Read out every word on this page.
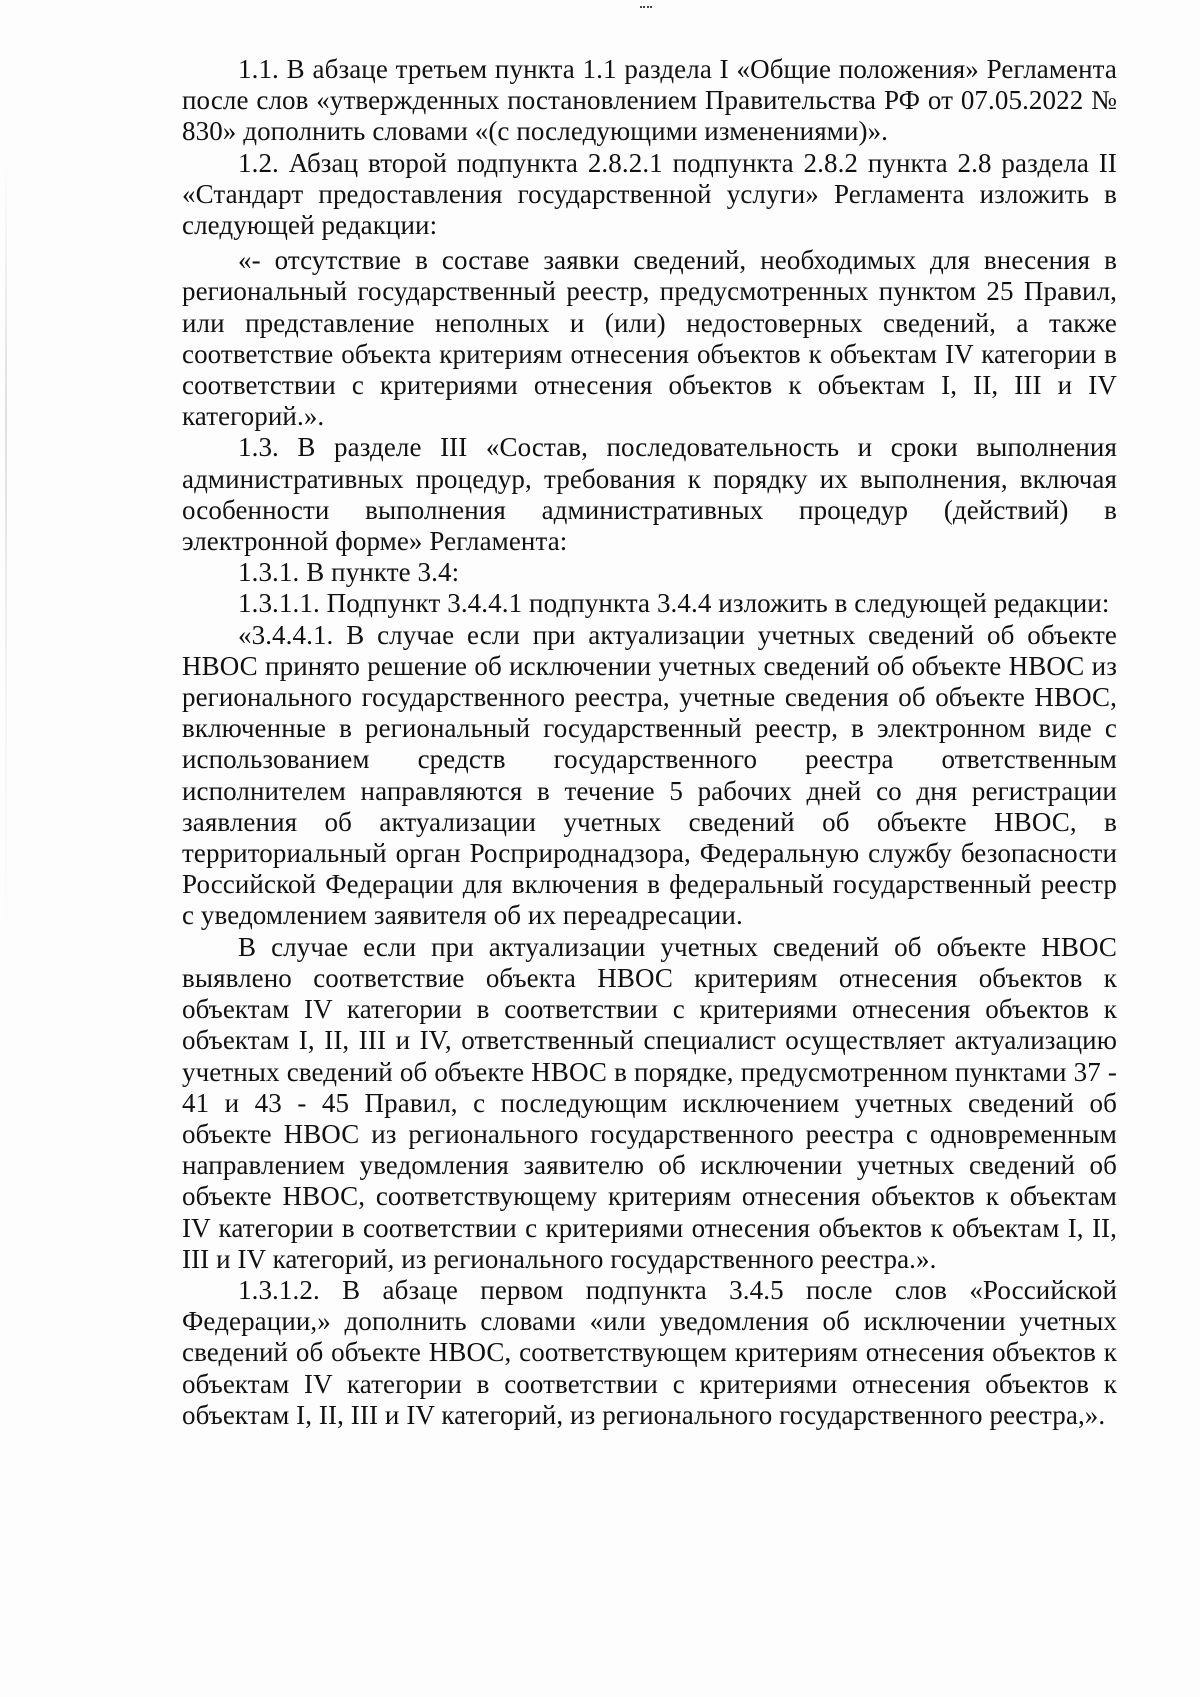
1.1. В абзаце третьем пункта 1.1 раздела I «Общие положения» Регламента после слов «утвержденных постановлением Правительства РФ от 07.05.2022 № 830» дополнить словами «(с последующими изменениями)».

1.2. Абзац второй подпункта 2.8.2.1 подпункта 2.8.2 пункта 2.8 раздела II «Стандарт предоставления государственной услуги» Регламента изложить в следующей редакции:

«- отсутствие в составе заявки сведений, необходимых для внесения в региональный государственный реестр, предусмотренных пунктом 25 Правил, или представление неполных и (или) недостоверных сведений, а также соответствие объекта критериям отнесения объектов к объектам IV категории в соответствии с критериями отнесения объектов к объектам I, II, III и IV категорий.».

1.3. В разделе III «Состав, последовательность и сроки выполнения административных процедур, требования к порядку их выполнения, включая особенности выполнения административных процедур (действий) в электронной форме» Регламента:

1.3.1. В пункте 3.4:

1.3.1.1. Подпункт 3.4.4.1 подпункта 3.4.4 изложить в следующей редакции:

«3.4.4.1. В случае если при актуализации учетных сведений об объекте НВОС принято решение об исключении учетных сведений об объекте НВОС из регионального государственного реестра, учетные сведения об объекте НВОС, включенные в региональный государственный реестр, в электронном виде с использованием средств государственного реестра ответственным исполнителем направляются в течение 5 рабочих дней со дня регистрации заявления об актуализации учетных сведений об объекте НВОС, в территориальный орган Росприроднадзора, Федеральную службу безопасности Российской Федерации для включения в федеральный государственный реестр с уведомлением заявителя об их переадресации.

В случае если при актуализации учетных сведений об объекте НВОС выявлено соответствие объекта НВОС критериям отнесения объектов к объектам IV категории в соответствии с критериями отнесения объектов к объектам I, II, III и IV, ответственный специалист осуществляет актуализацию учетных сведений об объекте НВОС в порядке, предусмотренном пунктами 37 - 41 и 43 - 45 Правил, с последующим исключением учетных сведений об объекте НВОС из регионального государственного реестра с одновременным направлением уведомления заявителю об исключении учетных сведений об объекте НВОС, соответствующему критериям отнесения объектов к объектам IV категории в соответствии с критериями отнесения объектов к объектам I, II, III и IV категорий, из регионального государственного реестра.».

1.3.1.2. В абзаце первом подпункта 3.4.5 после слов «Российской Федерации,» дополнить словами «или уведомления об исключении учетных сведений об объекте НВОС, соответствующем критериям отнесения объектов к объектам IV категории в соответствии с критериями отнесения объектов к объектам I, II, III и IV категорий, из регионального государственного реестра,».
